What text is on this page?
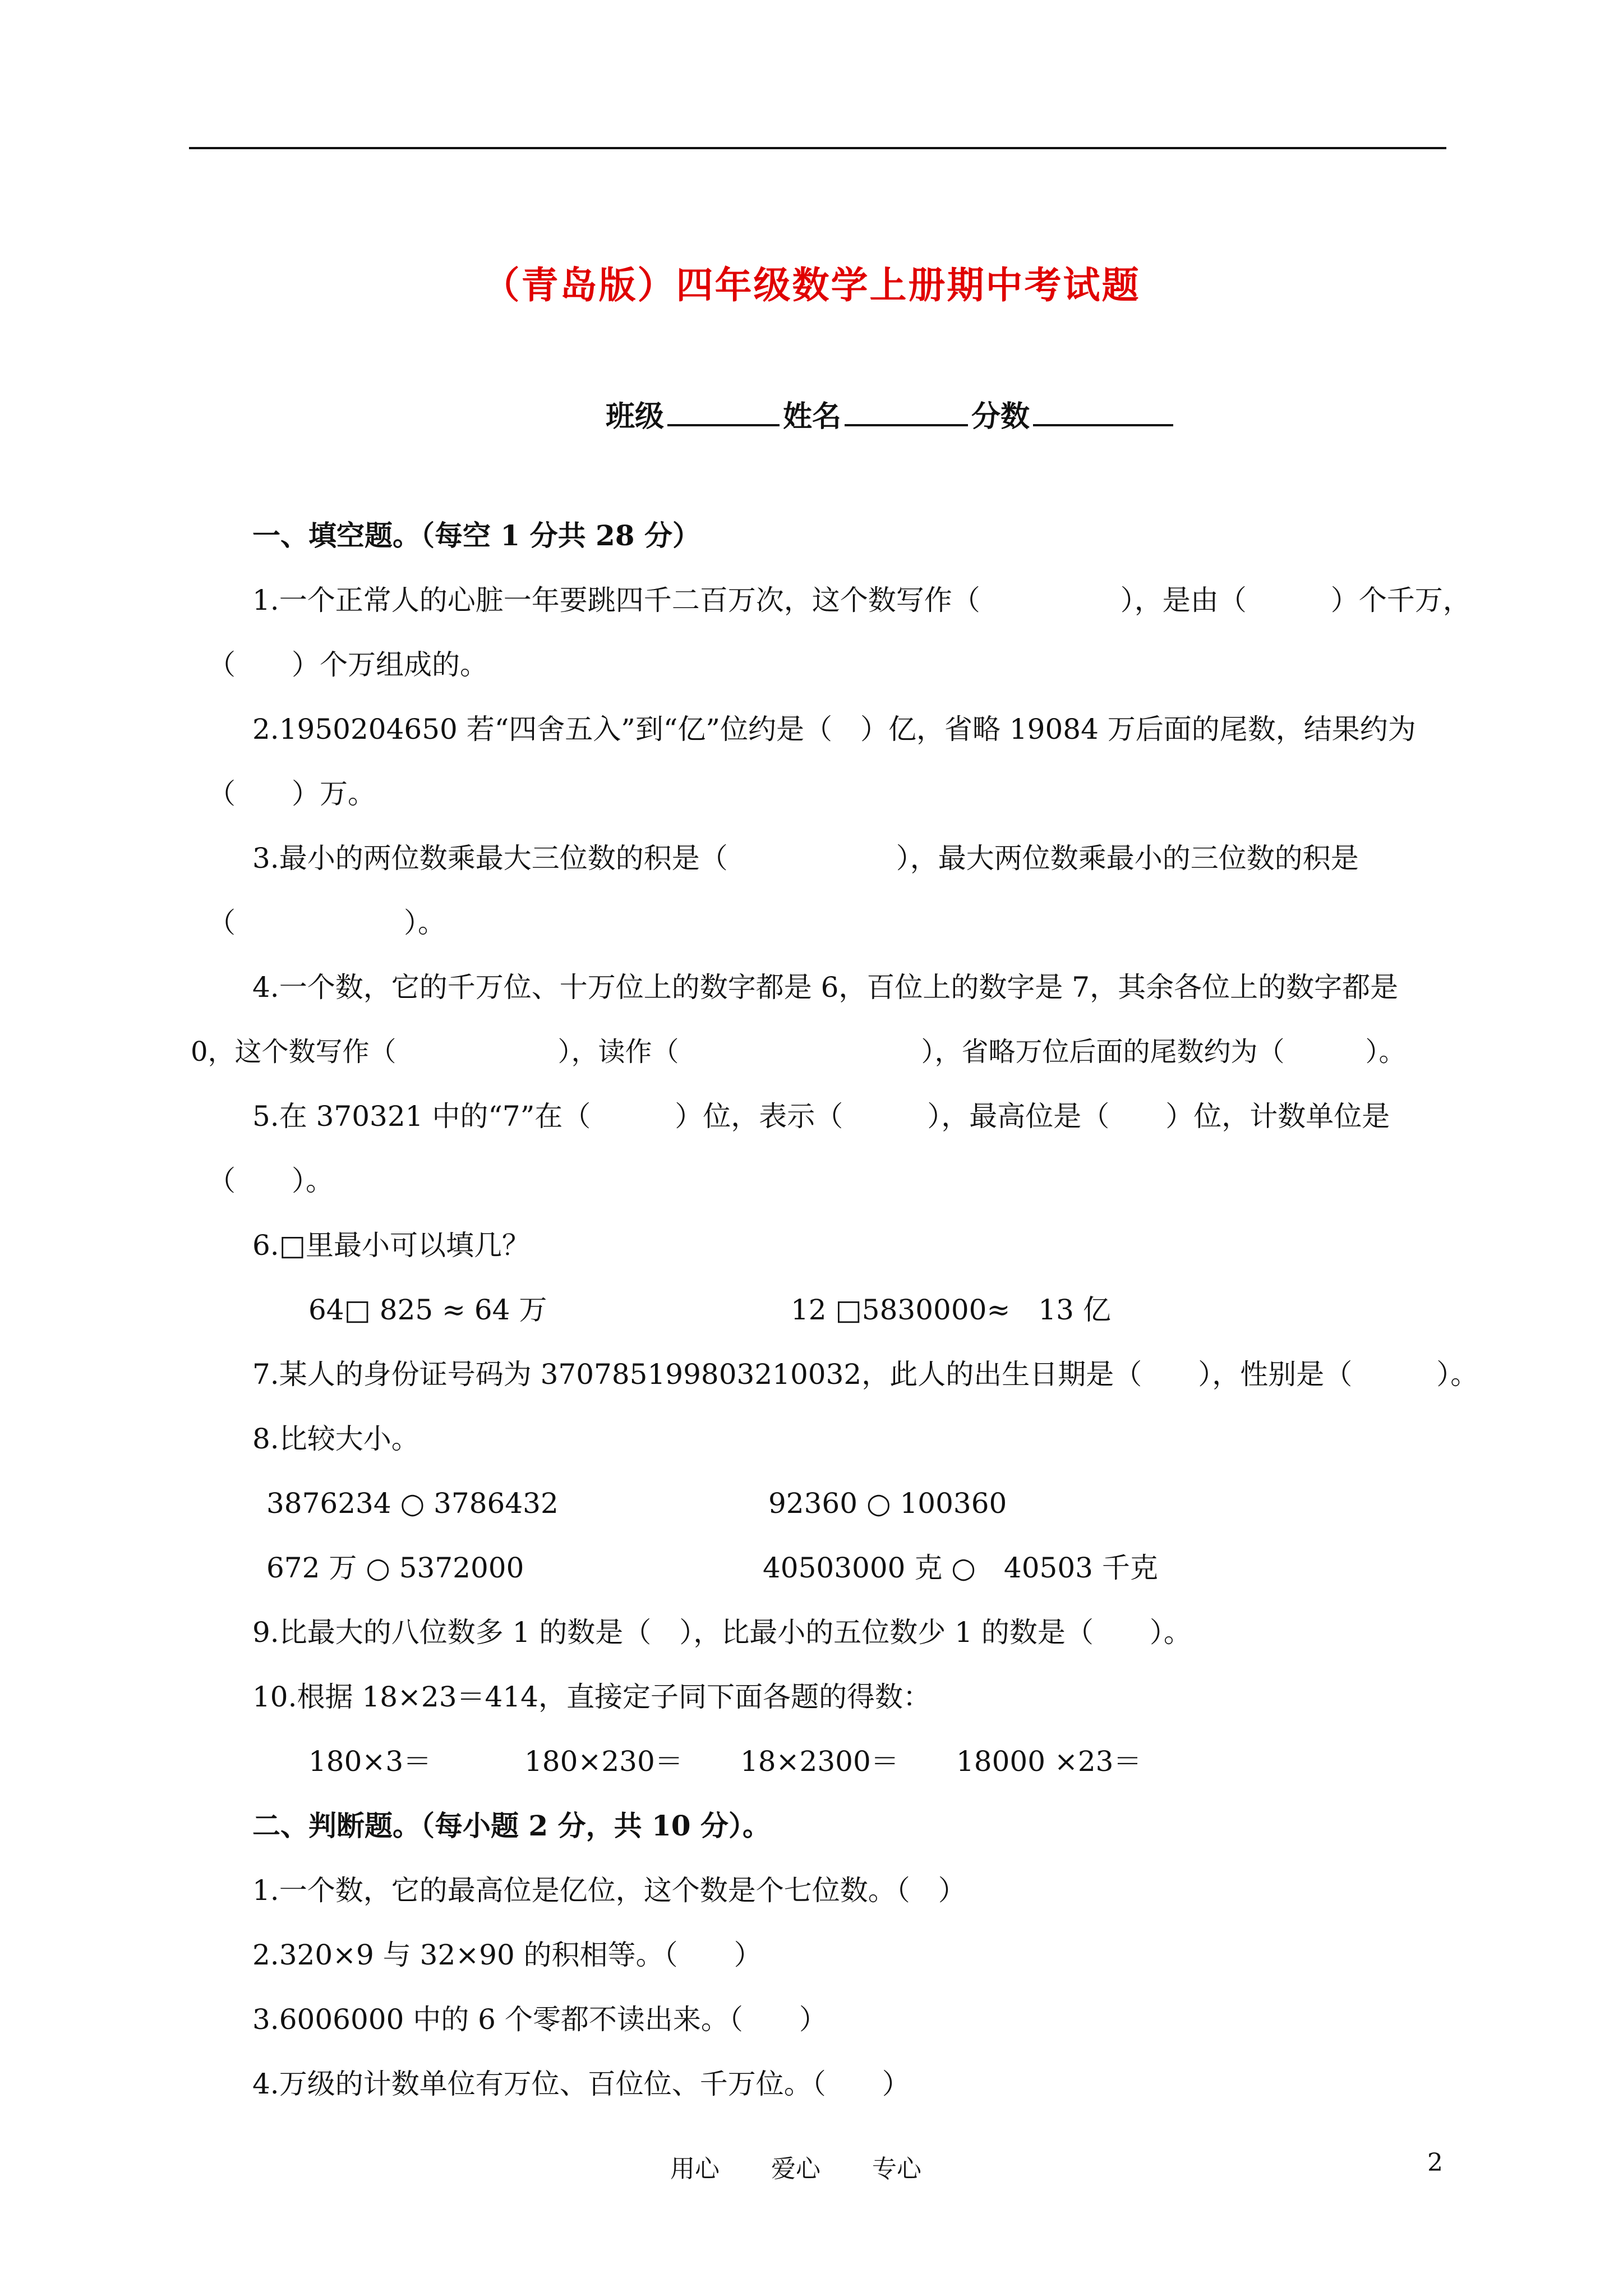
（青岛版）四年级数学上册期中考试题
班级	姓名	分数
一、填空题。（每空 1 分共 28 分）
1.一个正常人的心脏一年要跳四千二百万次，这个数写作（　　　　　），是由（　　　）个千万，
（　　）个万组成的。
2.1950204650 若“四舍五入”到“亿”位约是（　）亿，省略 19084 万后面的尾数，结果约为
（　　）万。
3.最小的两位数乘最大三位数的积是（　　　　　　），最大两位数乘最小的三位数的积是
（　　　　　　）。
4.一个数，它的千万位、十万位上的数字都是 6，百位上的数字是 7，其余各位上的数字都是
0，这个数写作（　　　　　　），读作（　　　　　　　　　），省略万位后面的尾数约为（　　　）。
5.在 370321 中的“7”在（　　　）位，表示（　　　），最高位是（　　）位，计数单位是
（　　）。
6.□里最小可以填几？
64□ 825 ≈ 64 万	12 □5830000≈　13 亿
7.某人的身份证号码为 370785199803210032，此人的出生日期是（　　），性别是（　　　）。
8.比较大小。
3876234 ○ 3786432	92360 ○ 100360
672 万 ○ 5372000	40503000 克 ○　40503 千克
9.比最大的八位数多 1 的数是（　），比最小的五位数少 1 的数是（　　）。
10.根据 18×23＝414，直接定子同下面各题的得数：
180×3＝	180×230＝ 18×2300＝ 18000 ×23＝
二、判断题。（每小题 2 分，共 10 分）。
1.一个数，它的最高位是亿位，这个数是个七位数。（　）
2.320×9 与 32×90 的积相等。（　　）
3.6006000 中的 6 个零都不读出来。（　　）
4.万级的计数单位有万位、百位位、千万位。（　　）
用心 爱心 专心	2
